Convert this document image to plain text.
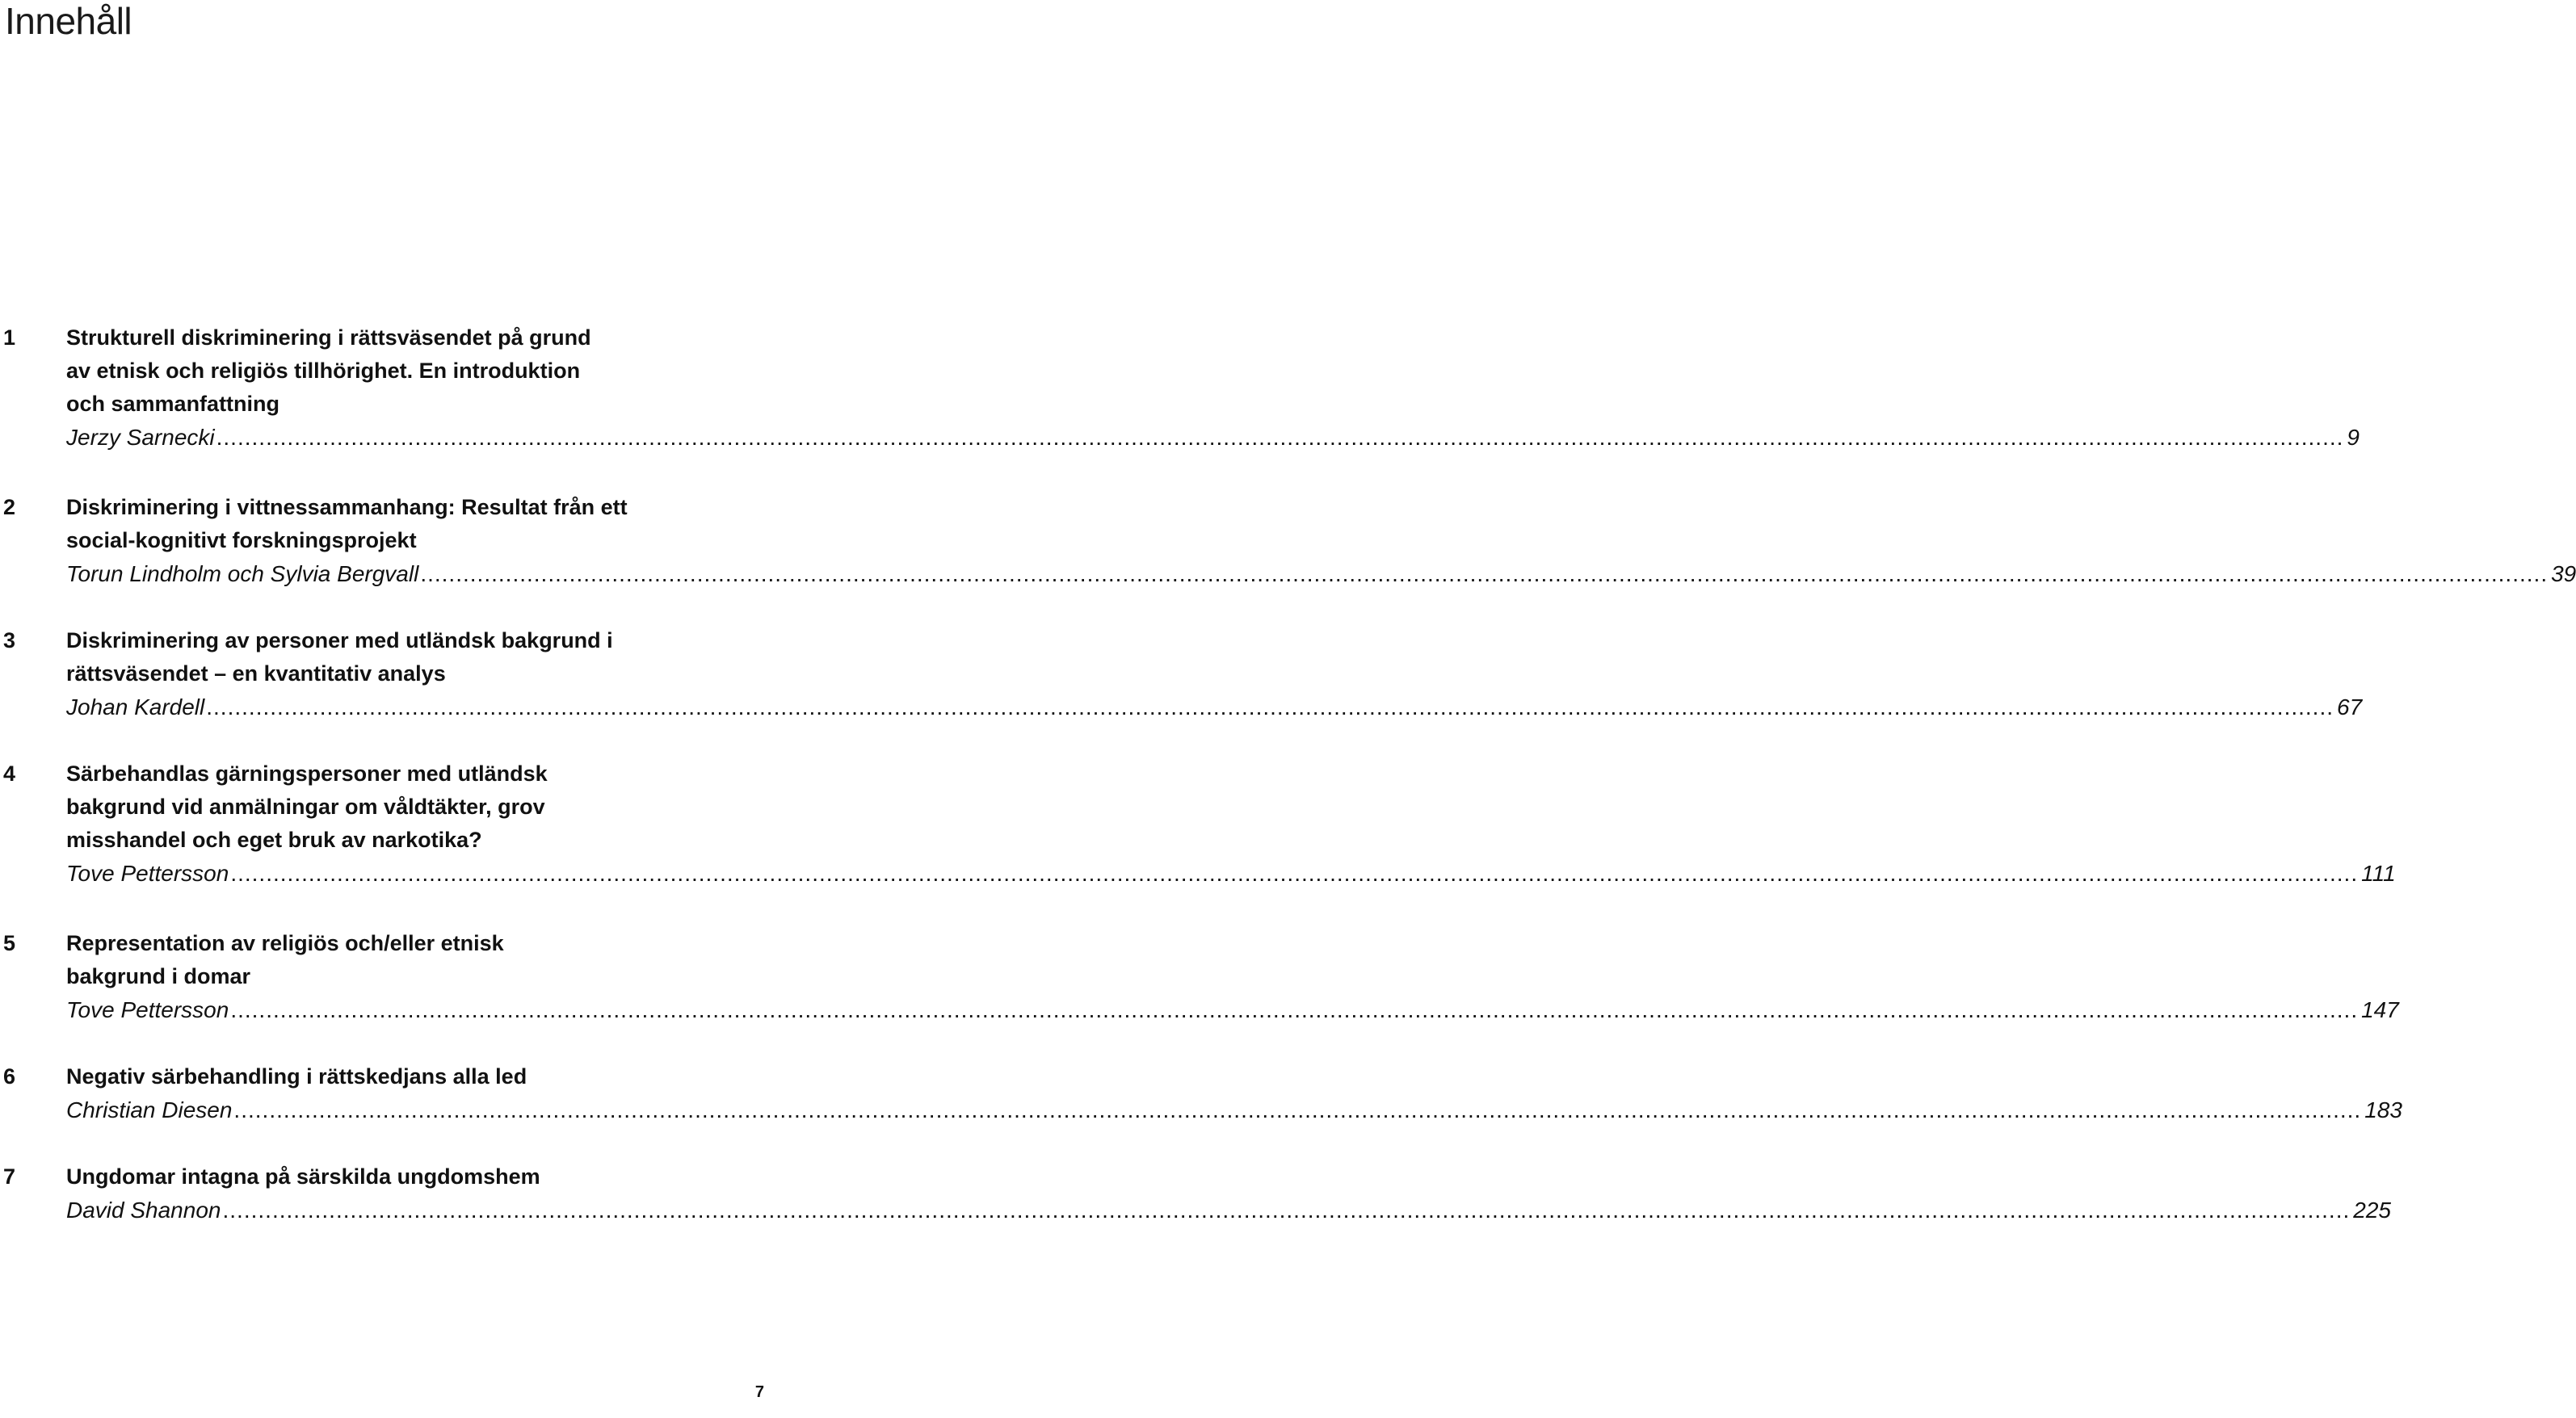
Innehåll
1 Strukturell diskriminering i rättsväsendet på grund
av etnisk och religiös tillhörighet. En introduktion
och sammanfattning
Jerzy Sarnecki ............................................................................................................................................................................................................................................................................................................ 9
2 Diskriminering i vittnessammanhang: Resultat från ett
social-kognitivt forskningsprojekt
Torun Lindholm och Sylvia Bergvall ............................................................................................................................................................................................................................................................................................................ 39
3 Diskriminering av personer med utländsk bakgrund i
rättsväsendet – en kvantitativ analys
Johan Kardell ............................................................................................................................................................................................................................................................................................................ 67
4 Särbehandlas gärningspersoner med utländsk
bakgrund vid anmälningar om våldtäkter, grov
misshandel och eget bruk av narkotika?
Tove Pettersson ............................................................................................................................................................................................................................................................................................................ 111
5 Representation av religiös och/eller etnisk
bakgrund i domar
Tove Pettersson ............................................................................................................................................................................................................................................................................................................ 147
6 Negativ särbehandling i rättskedjans alla led
Christian Diesen ............................................................................................................................................................................................................................................................................................................ 183
7 Ungdomar intagna på särskilda ungdomshem
David Shannon ............................................................................................................................................................................................................................................................................................................ 225
7
